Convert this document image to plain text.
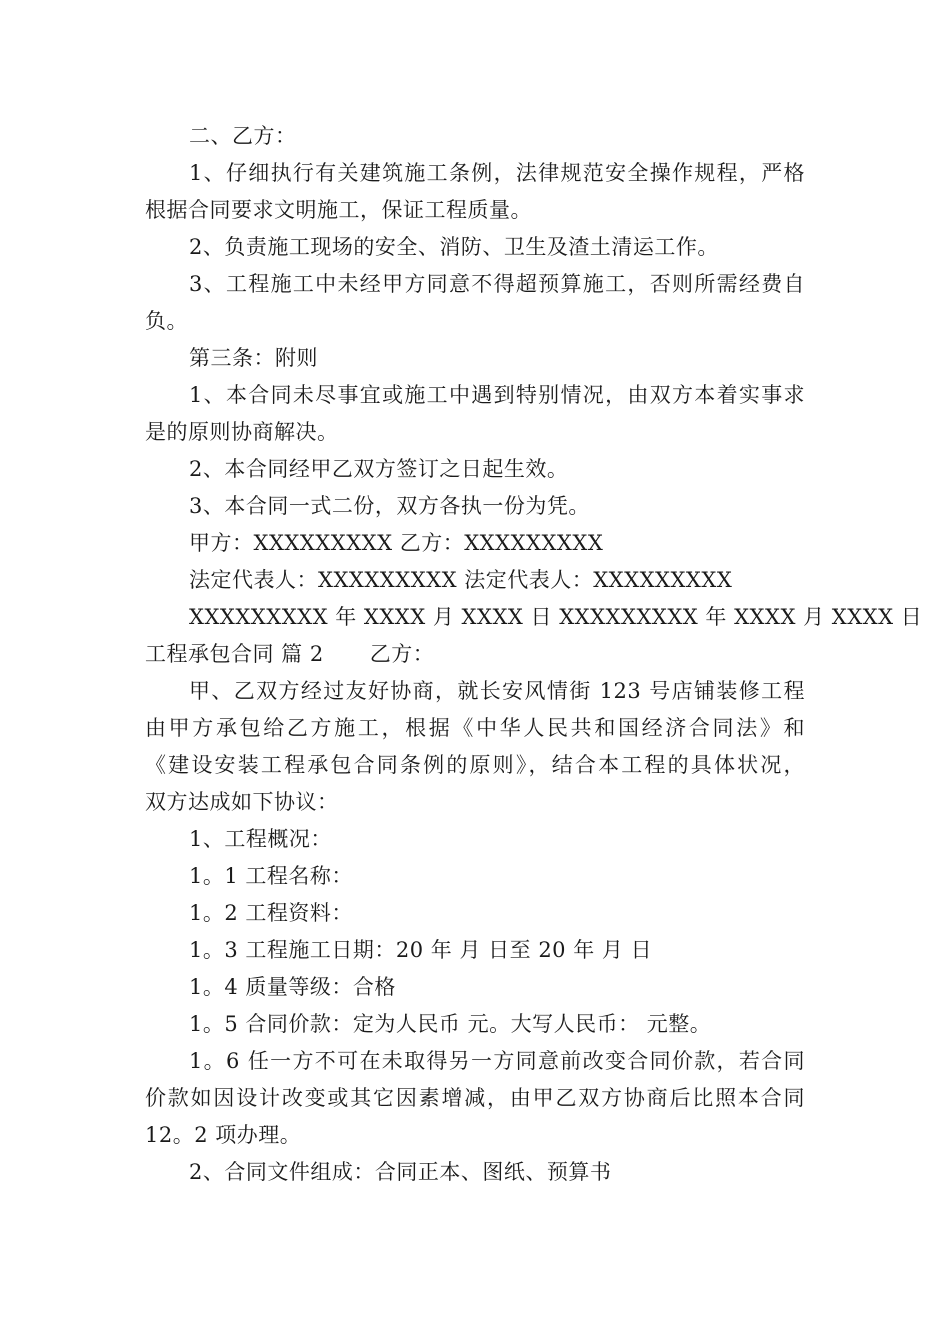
二、乙方：
1、仔细执行有关建筑施工条例，法律规范安全操作规程，严格
根据合同要求文明施工，保证工程质量。
2、负责施工现场的安全、消防、卫生及渣土清运工作。
3、工程施工中未经甲方同意不得超预算施工，否则所需经费自
负。
第三条：附则
1、本合同未尽事宜或施工中遇到特别情况，由双方本着实事求
是的原则协商解决。
2、本合同经甲乙双方签订之日起生效。
3、本合同一式二份，双方各执一份为凭。
甲方：XXXXXXXXX 乙方：XXXXXXXXX
法定代表人：XXXXXXXXX 法定代表人：XXXXXXXXX
XXXXXXXXX 年 XXXX 月 XXXX 日 XXXXXXXXX 年 XXXX 月 XXXX 日
工程承包合同 篇 2 乙方：
甲、乙双方经过友好协商，就长安风情街 123 号店铺装修工程
由甲方承包给乙方施工，根据《中华人民共和国经济合同法》和
《建设安装工程承包合同条例的原则》，结合本工程的具体状况，
双方达成如下协议：
1、工程概况：
1。1 工程名称：
1。2 工程资料：
1。3 工程施工日期：20 年 月 日至 20 年 月 日
1。4 质量等级：合格
1。5 合同价款：定为人民币 元。大写人民币： 元整。
1。6 任一方不可在未取得另一方同意前改变合同价款，若合同
价款如因设计改变或其它因素增减，由甲乙双方协商后比照本合同
12。2 项办理。
2、合同文件组成：合同正本、图纸、预算书
